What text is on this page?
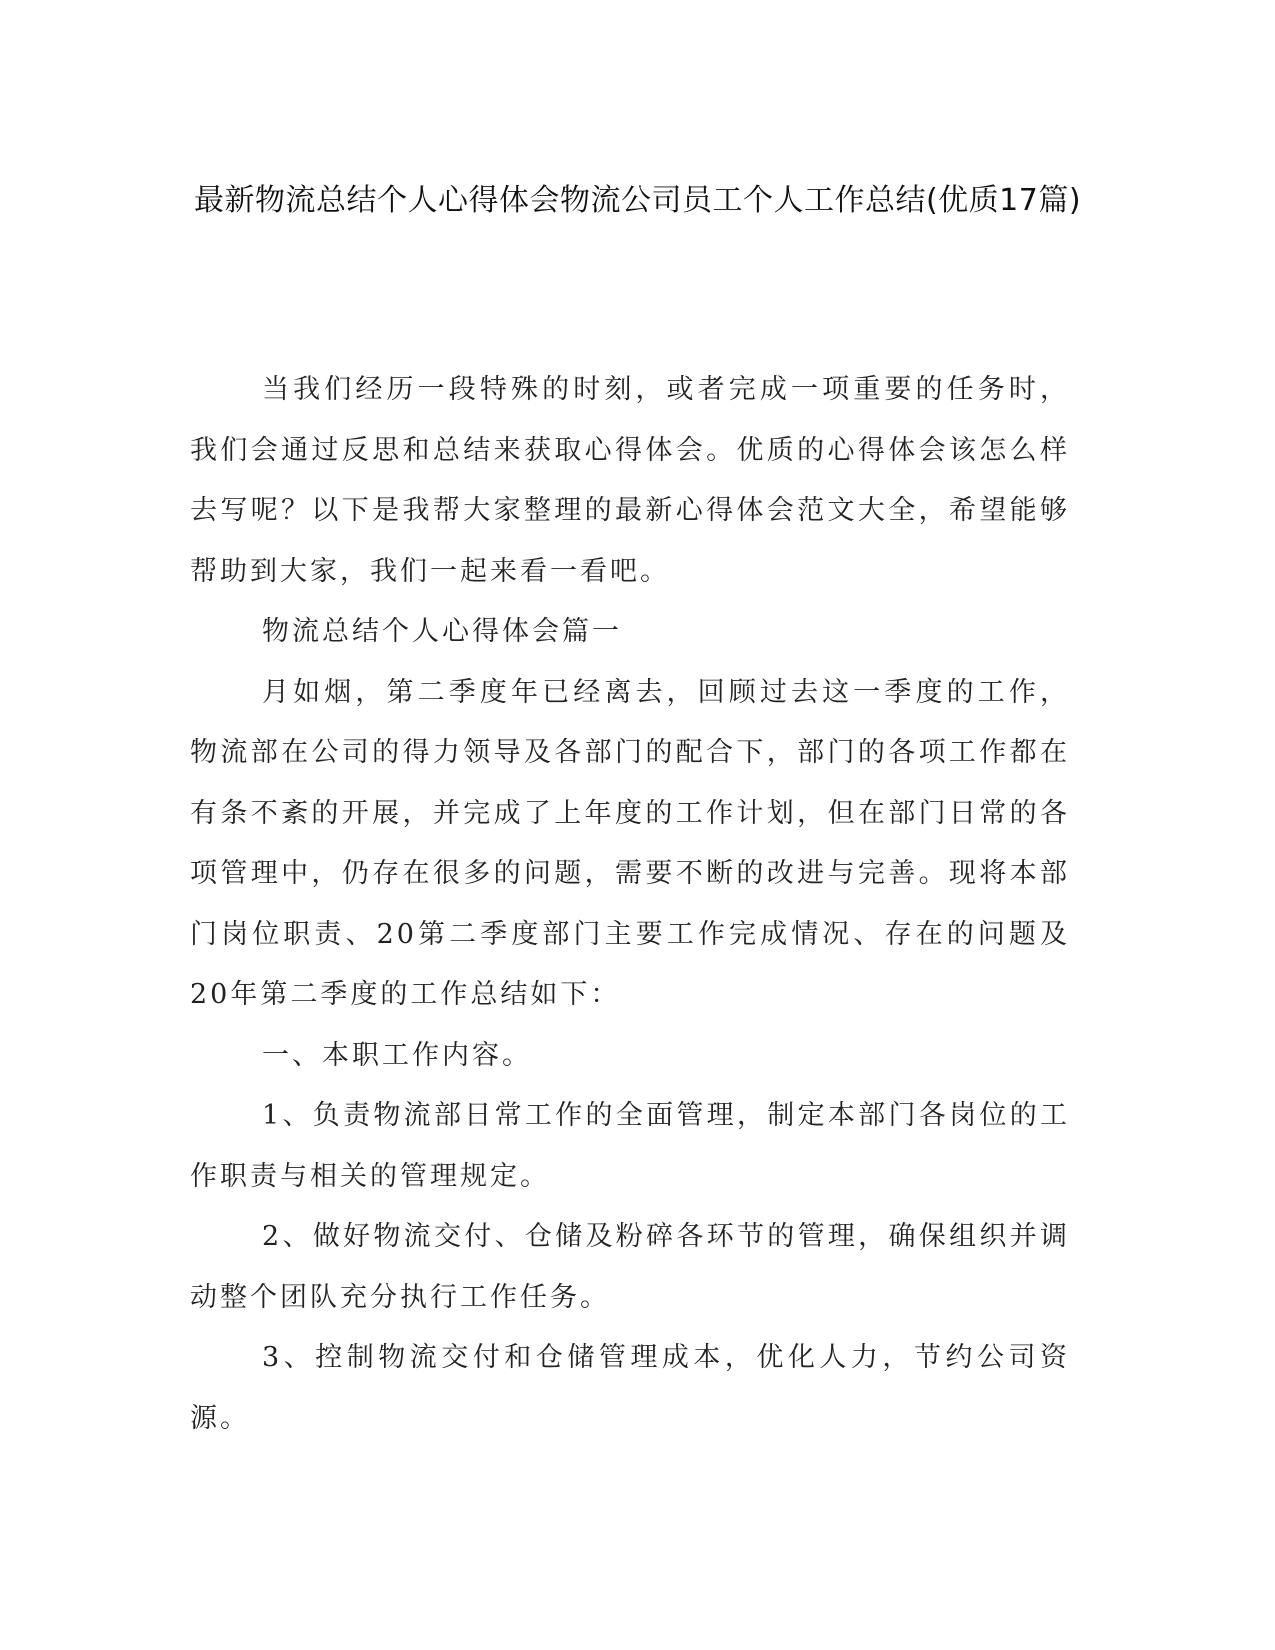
最新物流总结个人心得体会物流公司员工个人工作总结(优质17篇)

当我们经历一段特殊的时刻，或者完成一项重要的任务时，我们会通过反思和总结来获取心得体会。优质的心得体会该怎么样去写呢？以下是我帮大家整理的最新心得体会范文大全，希望能够帮助到大家，我们一起来看一看吧。

物流总结个人心得体会篇一

月如烟，第二季度年已经离去，回顾过去这一季度的工作，物流部在公司的得力领导及各部门的配合下，部门的各项工作都在有条不紊的开展，并完成了上年度的工作计划，但在部门日常的各项管理中，仍存在很多的问题，需要不断的改进与完善。现将本部门岗位职责、20第二季度部门主要工作完成情况、存在的问题及20年第二季度的工作总结如下：

一、本职工作内容。

1、负责物流部日常工作的全面管理，制定本部门各岗位的工作职责与相关的管理规定。

2、做好物流交付、仓储及粉碎各环节的管理，确保组织并调动整个团队充分执行工作任务。

3、控制物流交付和仓储管理成本，优化人力，节约公司资源。
